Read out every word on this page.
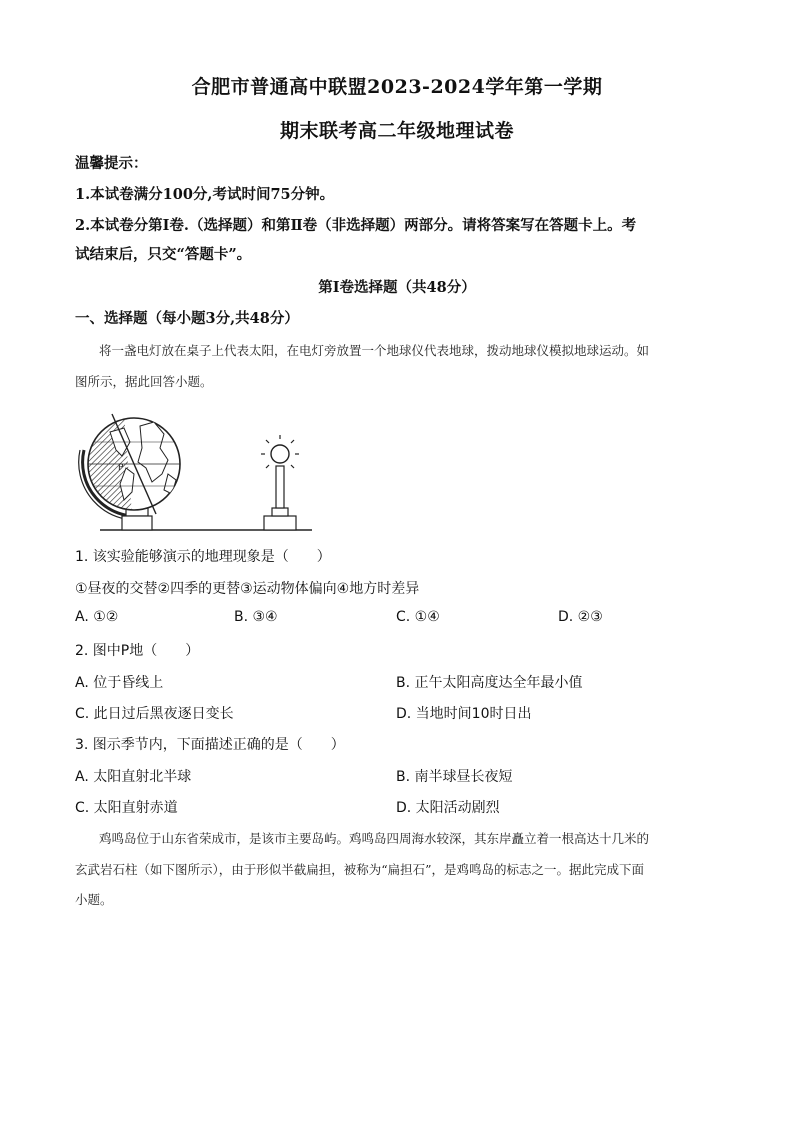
合肥市普通高中联盟2023-2024学年第一学期
期末联考高二年级地理试卷
温馨提示：
1.本试卷满分100分,考试时间75分钟。
2.本试卷分第Ⅰ卷.（选择题）和第Ⅱ卷（非选择题）两部分。请将答案写在答题卡上。考
试结束后，只交“答题卡”。
第Ⅰ卷选择题（共48分）
一、选择题（每小题3分,共48分）
将一盏电灯放在桌子上代表太阳，在电灯旁放置一个地球仪代表地球，拨动地球仪模拟地球运动。如
图所示，据此回答小题。
P
1. 该实验能够演示的地理现象是（　　）
①昼夜的交替②四季的更替③运动物体偏向④地方时差异
A. ①②	B. ③④	C. ①④	D. ②③
2. 图中P地（　　）
A. 位于昏线上	B. 正午太阳高度达全年最小值
C. 此日过后黑夜逐日变长	D. 当地时间10时日出
3. 图示季节内，下面描述正确的是（　　）
A. 太阳直射北半球	B. 南半球昼长夜短
C. 太阳直射赤道	D. 太阳活动剧烈
鸡鸣岛位于山东省荣成市，是该市主要岛屿。鸡鸣岛四周海水较深，其东岸矗立着一根高达十几米的
玄武岩石柱（如下图所示），由于形似半截扁担，被称为“扁担石”，是鸡鸣岛的标志之一。据此完成下面
小题。
